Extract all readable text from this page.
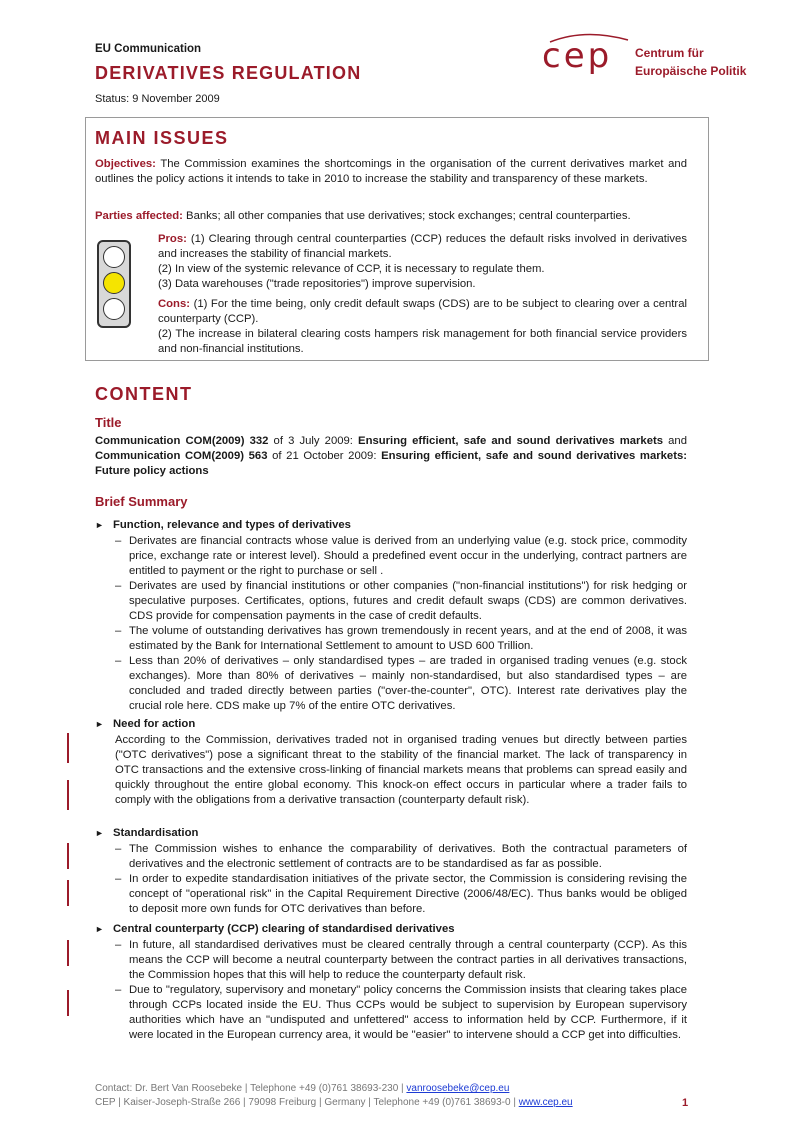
EU Communication
DERIVATIVES REGULATION
Status: 9 November 2009
cep Centrum für
Europäische Politik
MAIN ISSUES
Objectives: The Commission examines the shortcomings in the organisation of the current derivatives market and outlines the policy actions it intends to take in 2010 to increase the stability and transparency of these markets.
Parties affected: Banks; all other companies that use derivatives; stock exchanges; central counterparties.
Pros: (1) Clearing through central counterparties (CCP) reduces the default risks involved in derivatives and increases the stability of financial markets.
(2) In view of the systemic relevance of CCP, it is necessary to regulate them.
(3) Data warehouses ("trade repositories") improve supervision.
Cons: (1) For the time being, only credit default swaps (CDS) are to be subject to clearing over a central counterparty (CCP).
(2) The increase in bilateral clearing costs hampers risk management for both financial service providers and non-financial institutions.
CONTENT
Title
Communication COM(2009) 332 of 3 July 2009: Ensuring efficient, safe and sound derivatives markets and Communication COM(2009) 563 of 21 October 2009: Ensuring efficient, safe and sound derivatives markets: Future policy actions
Brief Summary
► Function, relevance and types of derivatives
– Derivates are financial contracts whose value is derived from an underlying value (e.g. stock price, commodity price, exchange rate or interest level). Should a predefined event occur in the underlying, contract partners are entitled to payment or the right to purchase or sell .
– Derivates are used by financial institutions or other companies ("non-financial institutions") for risk hedging or speculative purposes. Certificates, options, futures and credit default swaps (CDS) are common derivatives. CDS provide for compensation payments in the case of credit defaults.
– The volume of outstanding derivatives has grown tremendously in recent years, and at the end of 2008, it was estimated by the Bank for International Settlement to amount to USD 600 Trillion.
– Less than 20% of derivatives – only standardised types – are traded in organised trading venues (e.g. stock exchanges). More than 80% of derivatives – mainly non-standardised, but also standardised types – are concluded and traded directly between parties ("over-the-counter", OTC). Interest rate derivatives play the crucial role here. CDS make up 7% of the entire OTC derivatives.
► Need for action
According to the Commission, derivatives traded not in organised trading venues but directly between parties ("OTC derivatives") pose a significant threat to the stability of the financial market. The lack of transparency in OTC transactions and the extensive cross-linking of financial markets means that problems can spread easily and quickly throughout the entire global economy. This knock-on effect occurs in particular where a trader fails to comply with the obligations from a derivative transaction (counterparty default risk).
► Standardisation
– The Commission wishes to enhance the comparability of derivatives. Both the contractual parameters of derivatives and the electronic settlement of contracts are to be standardised as far as possible.
– In order to expedite standardisation initiatives of the private sector, the Commission is considering revising the concept of "operational risk" in the Capital Requirement Directive (2006/48/EC). Thus banks would be obliged to deposit more own funds for OTC derivatives than before.
► Central counterparty (CCP) clearing of standardised derivatives
– In future, all standardised derivatives must be cleared centrally through a central counterparty (CCP). As this means the CCP will become a neutral counterparty between the contract parties in all derivatives transactions, the Commission hopes that this will help to reduce the counterparty default risk.
– Due to "regulatory, supervisory and monetary" policy concerns the Commission insists that clearing takes place through CCPs located inside the EU. Thus CCPs would be subject to supervision by European supervisory authorities which have an "undisputed and unfettered" access to information held by CCP. Furthermore, if it were located in the European currency area, it would be "easier" to intervene should a CCP get into difficulties.
Contact: Dr. Bert Van Roosebeke | Telephone +49 (0)761 38693-230 | vanroosebeke@cep.eu
CEP | Kaiser-Joseph-Straße 266 | 79098 Freiburg | Germany | Telephone +49 (0)761 38693-0 | www.cep.eu	1
